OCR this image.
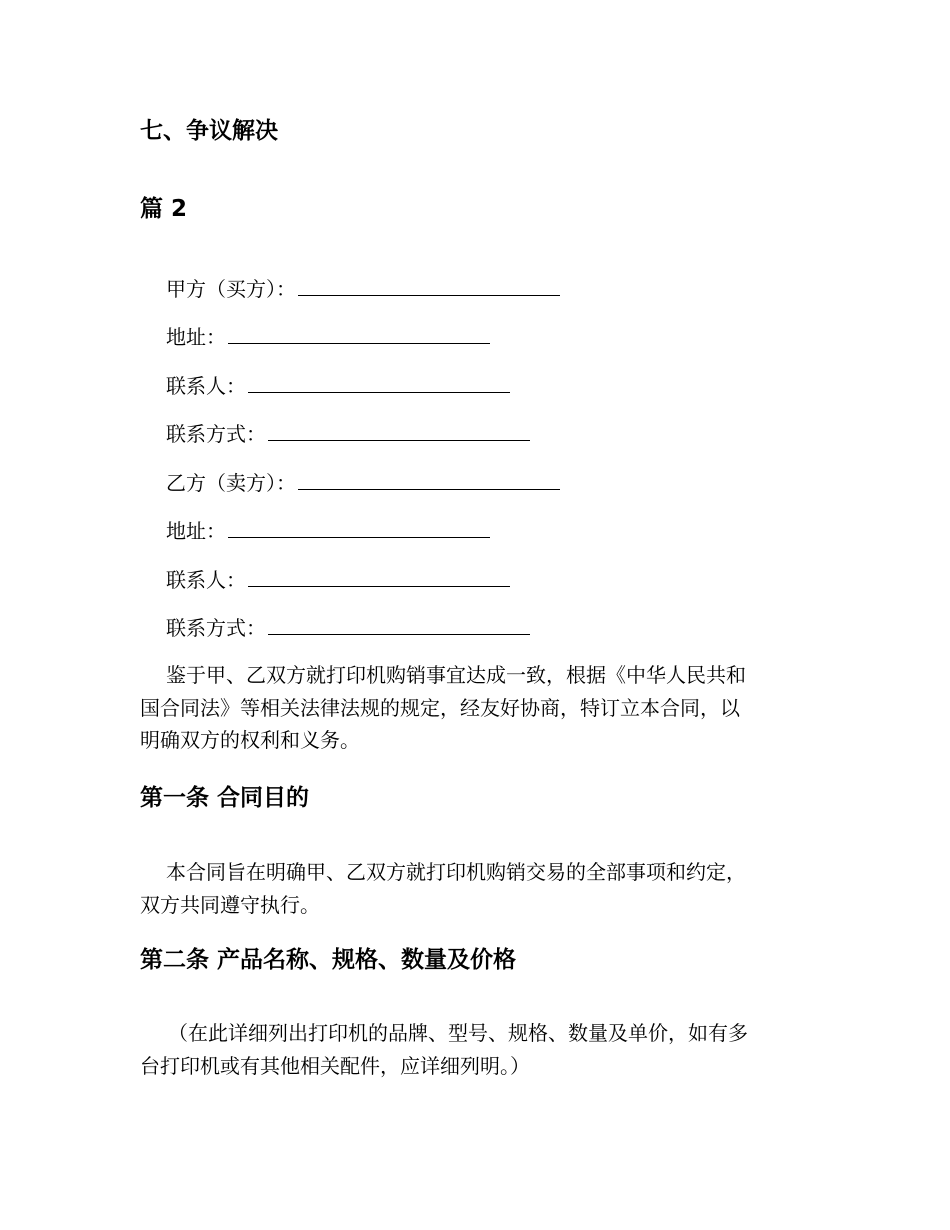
七、争议解决
篇 2
甲方（买方）：
地址：
联系人：
联系方式：
乙方（卖方）：
地址：
联系人：
联系方式：

鉴于甲、乙双方就打印机购销事宜达成一致，根据《中华人民共和
国合同法》等相关法律法规的规定，经友好协商，特订立本合同，以
明确双方的权利和义务。

第一条 合同目的

本合同旨在明确甲、乙双方就打印机购销交易的全部事项和约定，
双方共同遵守执行。

第二条 产品名称、规格、数量及价格

（在此详细列出打印机的品牌、型号、规格、数量及单价，如有多
台打印机或有其他相关配件，应详细列明。）
